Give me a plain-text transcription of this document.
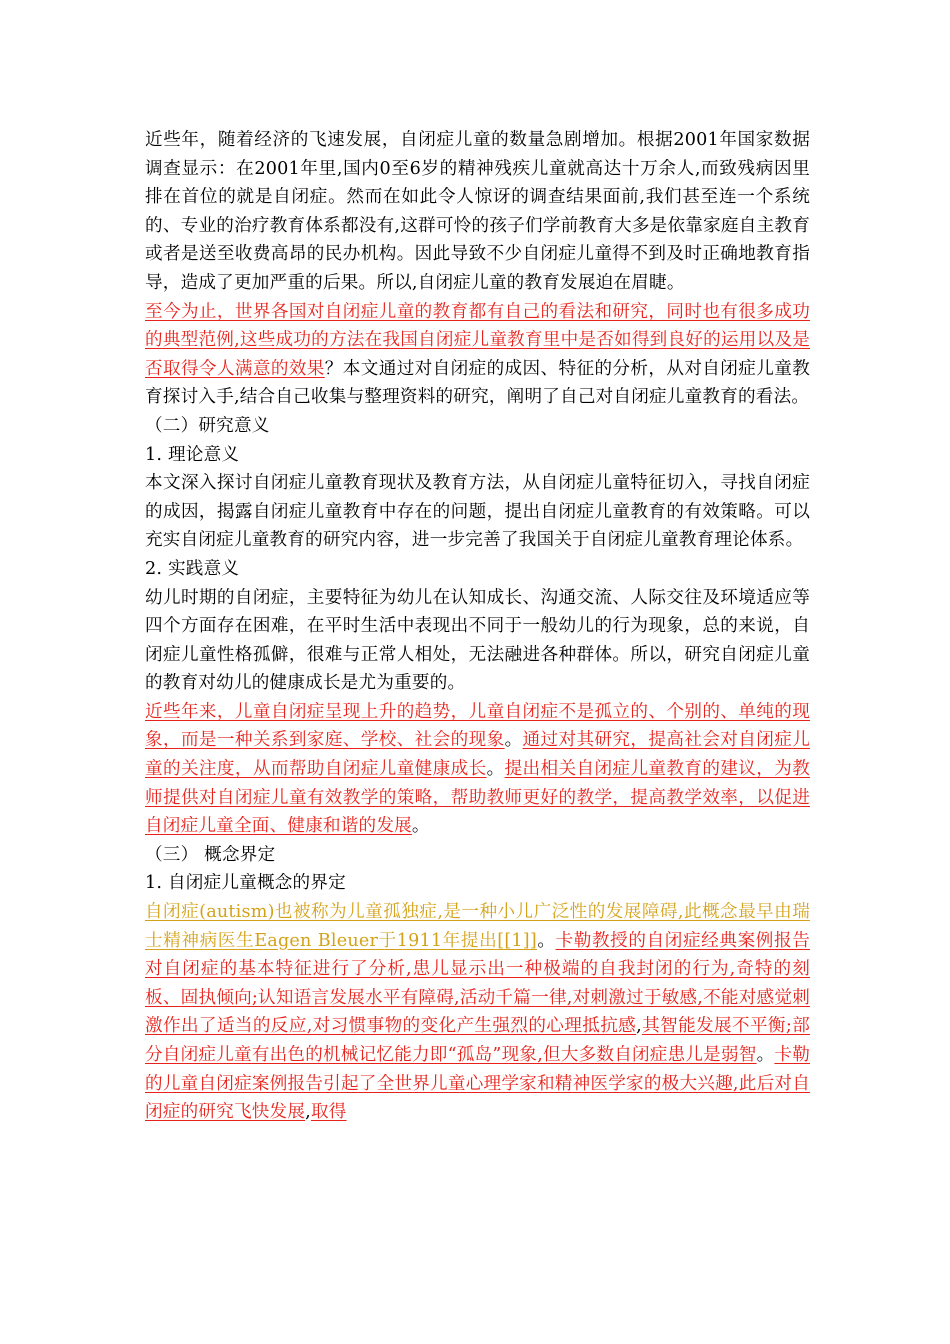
近些年，随着经济的飞速发展，自闭症儿童的数量急剧增加。根据2001年国家数据调查显示：在2001年里,国内0至6岁的精神残疾儿童就高达十万余人,而致残病因里排在首位的就是自闭症。然而在如此令人惊讶的调查结果面前,我们甚至连一个系统的、专业的治疗教育体系都没有,这群可怜的孩子们学前教育大多是依靠家庭自主教育或者是送至收费高昂的民办机构。因此导致不少自闭症儿童得不到及时正确地教育指导，造成了更加严重的后果。所以,自闭症儿童的教育发展迫在眉睫。

至今为止，世界各国对自闭症儿童的教育都有自己的看法和研究，同时也有很多成功的典型范例,这些成功的方法在我国自闭症儿童教育里中是否如得到良好的运用以及是否取得令人满意的效果？本文通过对自闭症的成因、特征的分析，从对自闭症儿童教育探讨入手,结合自己收集与整理资料的研究，阐明了自己对自闭症儿童教育的看法。

（二）研究意义

1. 理论意义

本文深入探讨自闭症儿童教育现状及教育方法，从自闭症儿童特征切入，寻找自闭症的成因，揭露自闭症儿童教育中存在的问题，提出自闭症儿童教育的有效策略。可以充实自闭症儿童教育的研究内容，进一步完善了我国关于自闭症儿童教育理论体系。

2. 实践意义

幼儿时期的自闭症，主要特征为幼儿在认知成长、沟通交流、人际交往及环境适应等四个方面存在困难，在平时生活中表现出不同于一般幼儿的行为现象，总的来说，自闭症儿童性格孤僻，很难与正常人相处，无法融进各种群体。所以，研究自闭症儿童的教育对幼儿的健康成长是尤为重要的。

近些年来，儿童自闭症呈现上升的趋势，儿童自闭症不是孤立的、个别的、单纯的现象，而是一种关系到家庭、学校、社会的现象。通过对其研究，提高社会对自闭症儿童的关注度，从而帮助自闭症儿童健康成长。提出相关自闭症儿童教育的建议，为教师提供对自闭症儿童有效教学的策略，帮助教师更好的教学，提高教学效率，以促进自闭症儿童全面、健康和谐的发展。

（三） 概念界定

1. 自闭症儿童概念的界定

自闭症(autism)也被称为儿童孤独症,是一种小儿广泛性的发展障碍,此概念最早由瑞士精神病医生Eagen Bleuer于1911年提出[[1]]。卡勒教授的自闭症经典案例报告对自闭症的基本特征进行了分析,患儿显示出一种极端的自我封闭的行为,奇特的刻板、固执倾向;认知语言发展水平有障碍,活动千篇一律,对刺激过于敏感,不能对感觉刺激作出了适当的反应,对习惯事物的变化产生强烈的心理抵抗感,其智能发展不平衡;部分自闭症儿童有出色的机械记忆能力即“孤岛”现象,但大多数自闭症患儿是弱智。卡勒的儿童自闭症案例报告引起了全世界儿童心理学家和精神医学家的极大兴趣,此后对自闭症的研究飞快发展,取得
